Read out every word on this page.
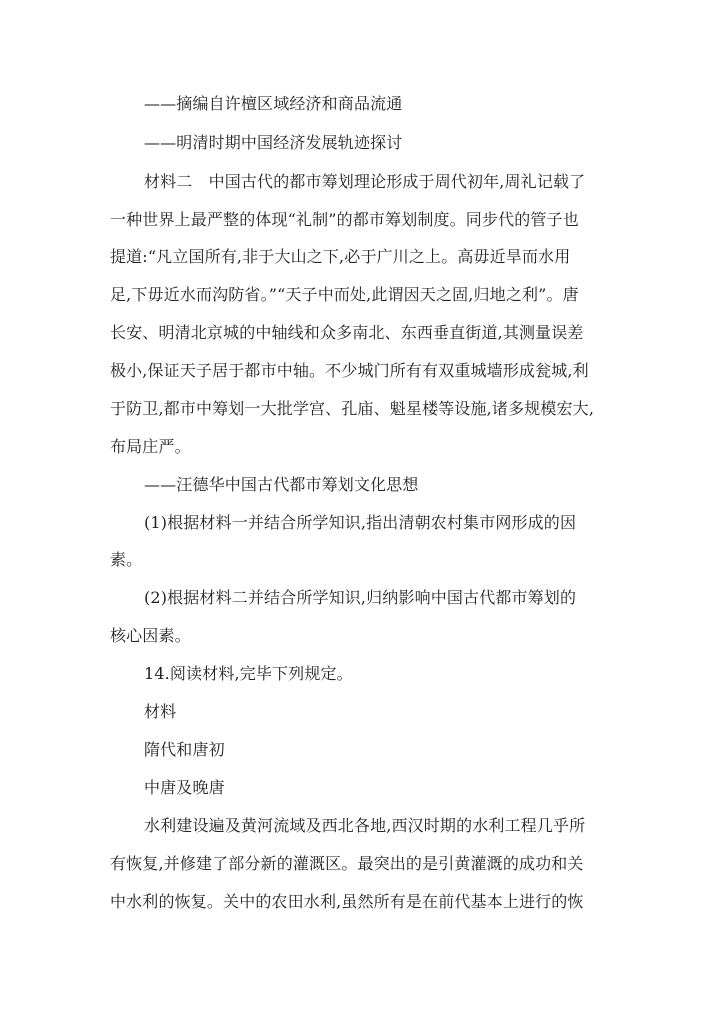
——摘编自许檀区域经济和商品流通
——明清时期中国经济发展轨迹探讨
材料二　中国古代的都市筹划理论形成于周代初年,周礼记载了
一种世界上最严整的体现“礼制”的都市筹划制度。同步代的管子也
提道:“凡立国所有,非于大山之下,必于广川之上。高毋近旱而水用
足,下毋近水而沟防省。”“天子中而处,此谓因天之固,归地之利”。唐
长安、明清北京城的中轴线和众多南北、东西垂直街道,其测量误差
极小,保证天子居于都市中轴。不少城门所有有双重城墙形成瓮城,利
于防卫,都市中筹划一大批学宫、孔庙、魁星楼等设施,诸多规模宏大,
布局庄严。
——汪德华中国古代都市筹划文化思想
(1)根据材料一并结合所学知识,指出清朝农村集市网形成的因
素。
(2)根据材料二并结合所学知识,归纳影响中国古代都市筹划的
核心因素。
14.阅读材料,完毕下列规定。
材料
隋代和唐初
中唐及晚唐
水利建设遍及黄河流域及西北各地,西汉时期的水利工程几乎所
有恢复,并修建了部分新的灌溉区。最突出的是引黄灌溉的成功和关
中水利的恢复。关中的农田水利,虽然所有是在前代基本上进行的恢
